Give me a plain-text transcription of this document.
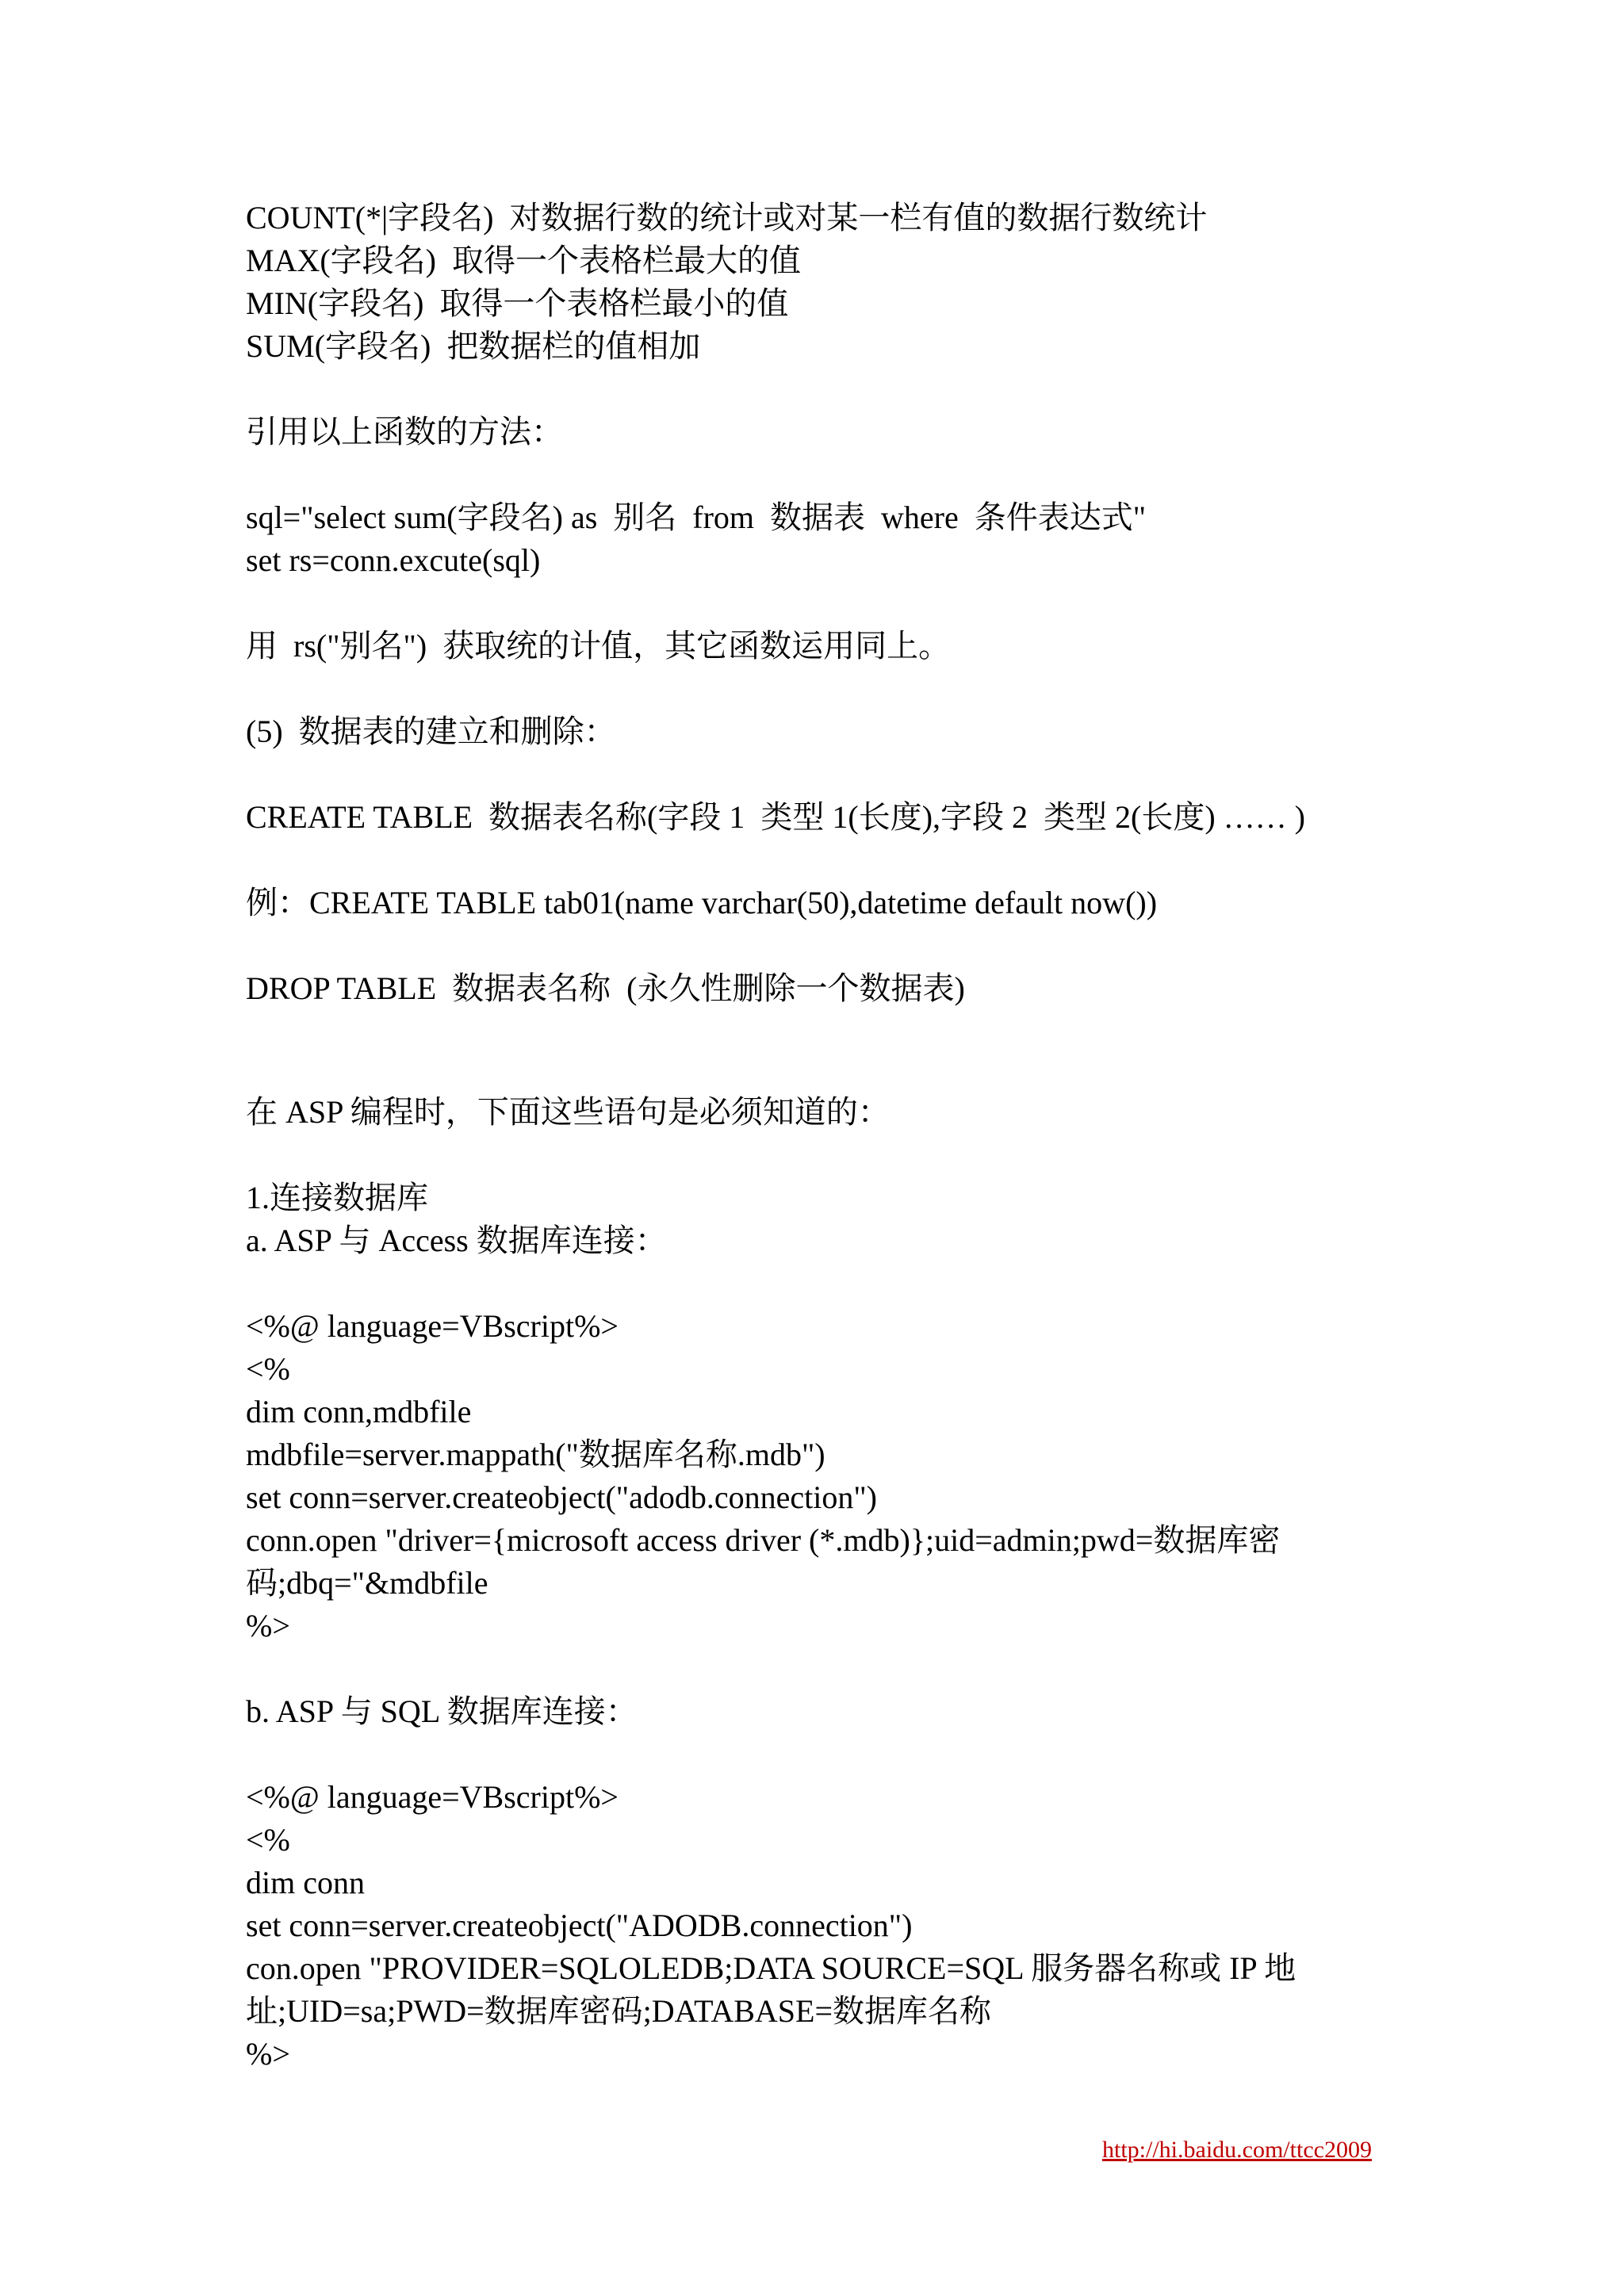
COUNT(*|字段名)  对数据行数的统计或对某一栏有值的数据行数统计
MAX(字段名)  取得一个表格栏最大的值
MIN(字段名)  取得一个表格栏最小的值
SUM(字段名)  把数据栏的值相加
引用以上函数的方法：
sql="select sum(字段名) as  别名  from  数据表  where  条件表达式"
set rs=conn.excute(sql)
用  rs("别名")  获取统的计值，其它函数运用同上。
(5)  数据表的建立和删除：
CREATE TABLE  数据表名称(字段 1  类型 1(长度),字段 2  类型 2(长度) …… )
例：CREATE TABLE tab01(name varchar(50),datetime default now())
DROP TABLE  数据表名称  (永久性删除一个数据表)
在 ASP 编程时，下面这些语句是必须知道的：
1.连接数据库
a. ASP 与 Access 数据库连接：
<%@ language=VBscript%>
<%
dim conn,mdbfile
mdbfile=server.mappath("数据库名称.mdb")
set conn=server.createobject("adodb.connection")
conn.open "driver={microsoft access driver (*.mdb)};uid=admin;pwd=数据库密
码;dbq="&mdbfile
%>
b. ASP 与 SQL 数据库连接：
<%@ language=VBscript%>
<%
dim conn
set conn=server.createobject("ADODB.connection")
con.open "PROVIDER=SQLOLEDB;DATA SOURCE=SQL 服务器名称或 IP 地
址;UID=sa;PWD=数据库密码;DATABASE=数据库名称
%>
http://hi.baidu.com/ttcc2009
